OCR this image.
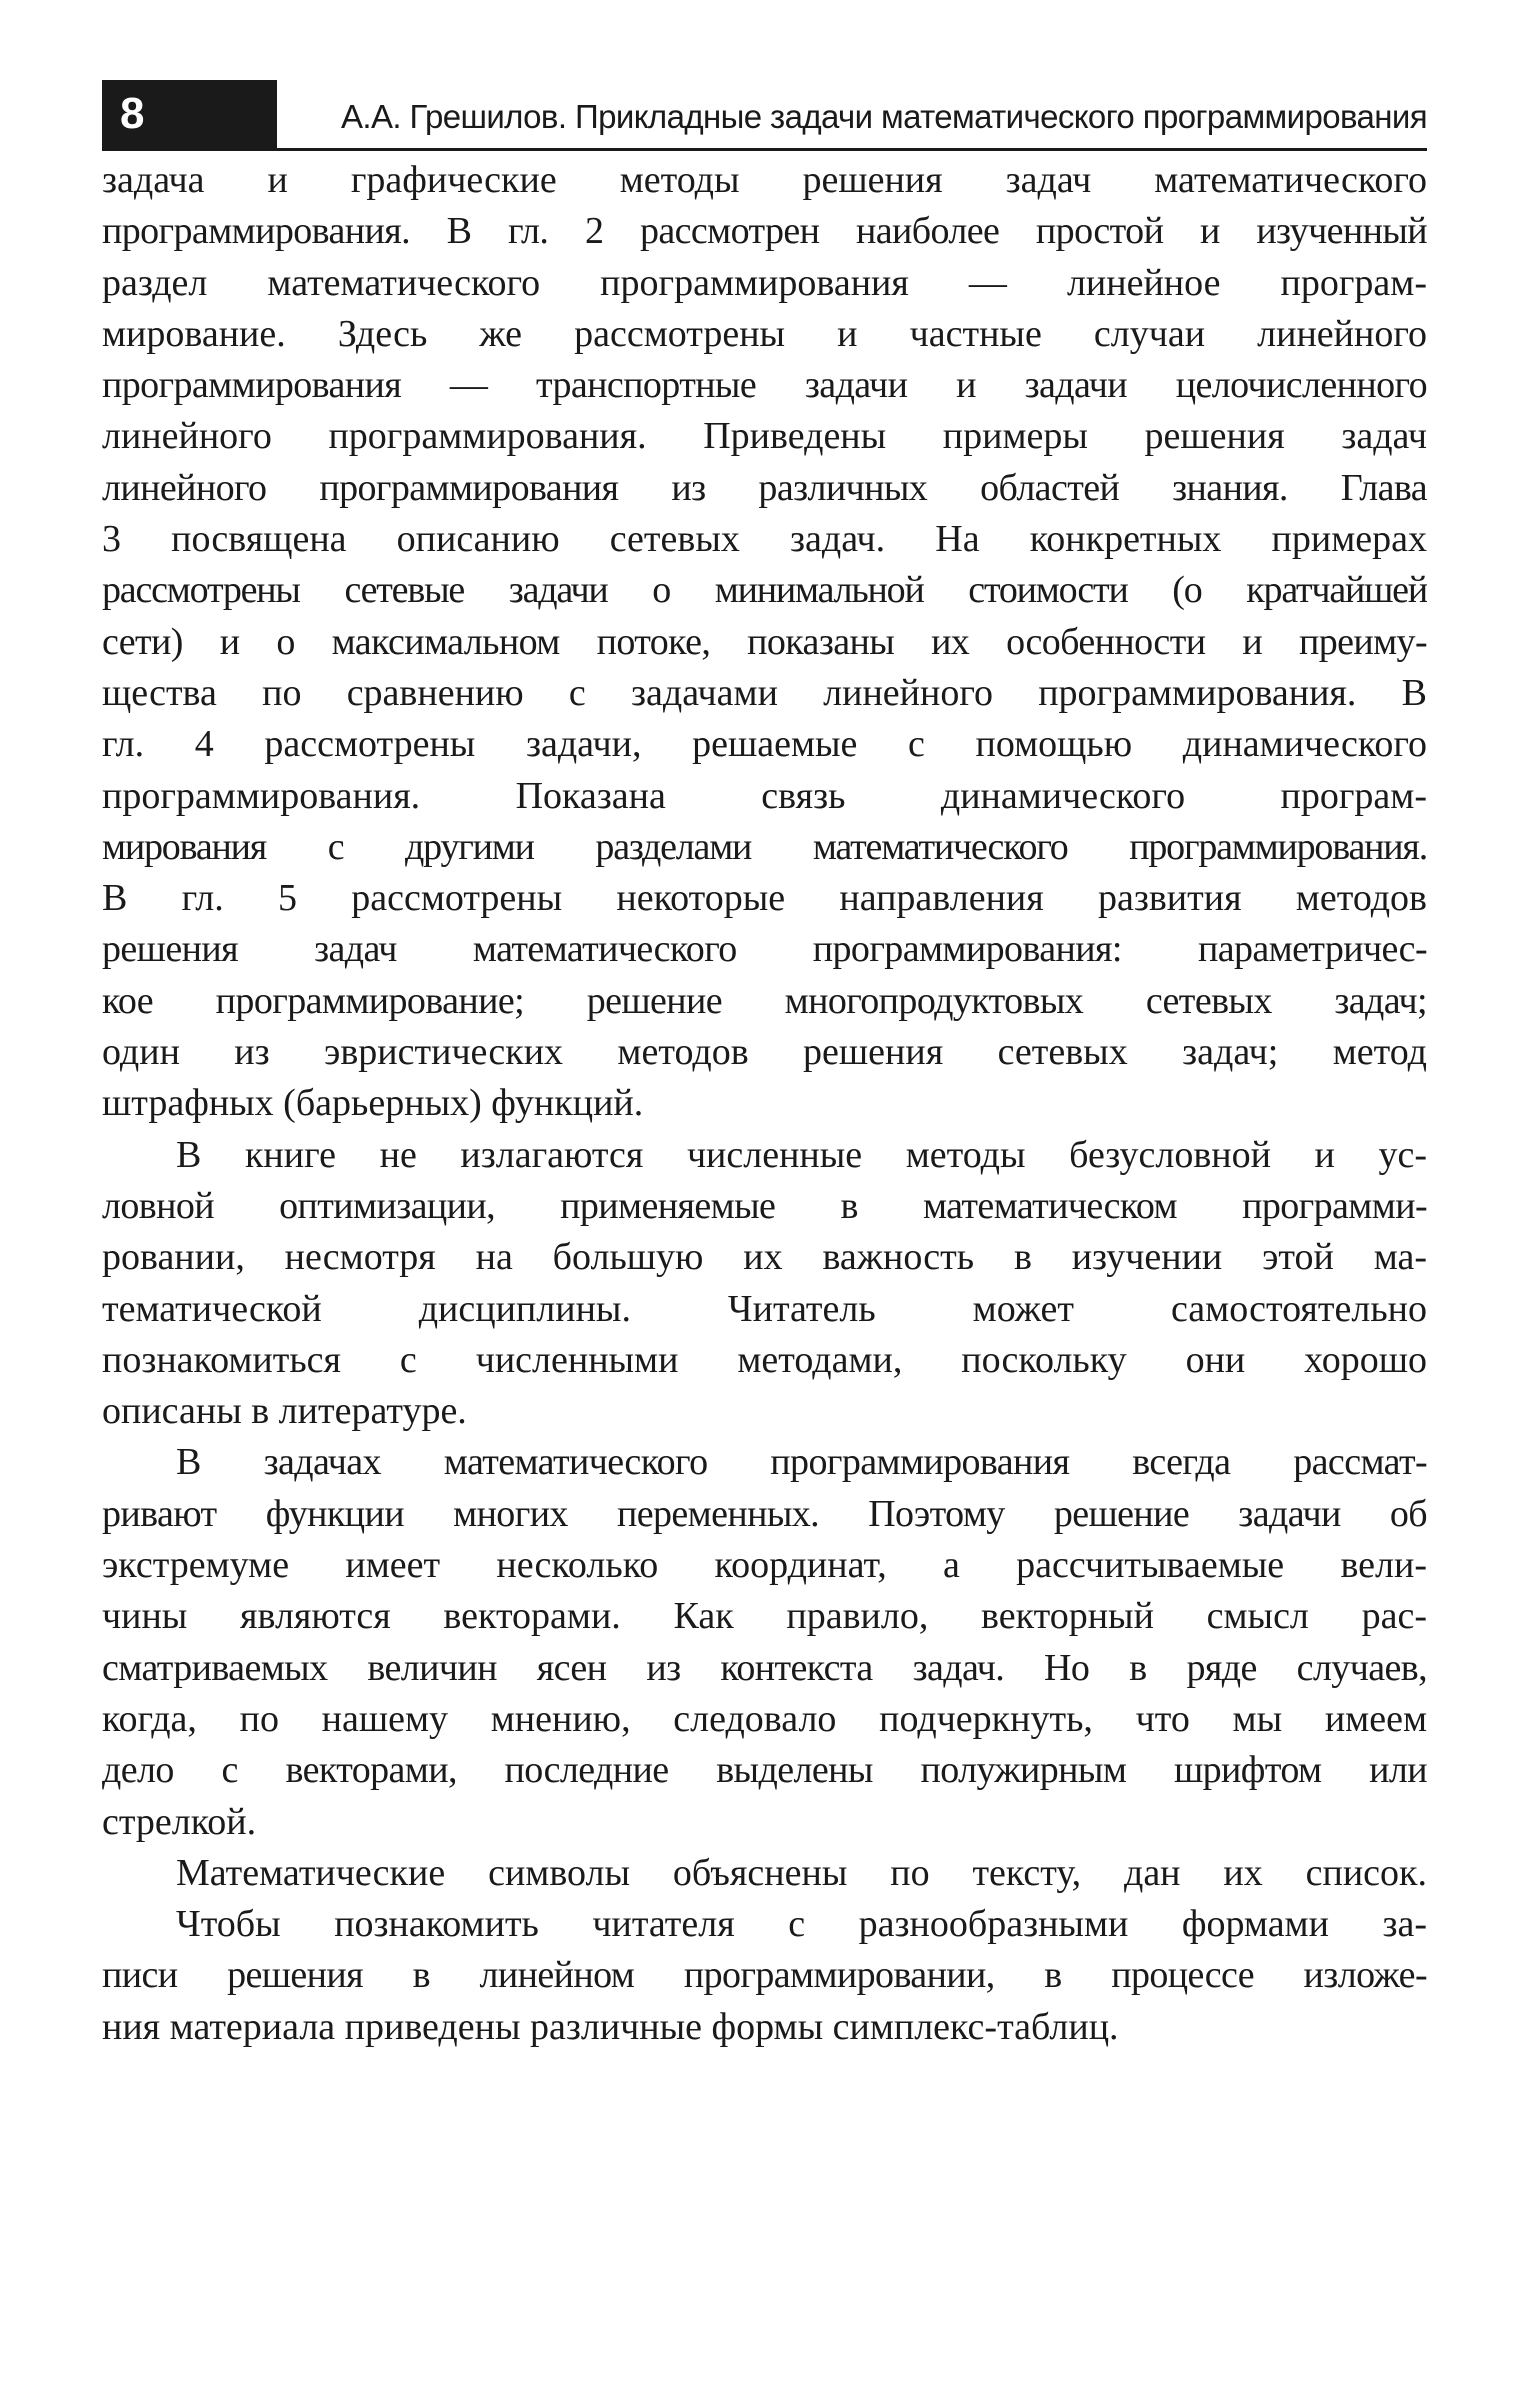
8	А.А. Грешилов. Прикладные задачи математического программирования
задача и графические методы решения задач математического
программирования. В гл. 2 рассмотрен наиболее простой и изученный
раздел математического программирования — линейное програм-
мирование. Здесь же рассмотрены и частные случаи линейного
программирования — транспортные задачи и задачи целочисленного
линейного программирования. Приведены примеры решения задач
линейного программирования из различных областей знания. Глава
3 посвящена описанию сетевых задач. На конкретных примерах
рассмотрены сетевые задачи о минимальной стоимости (о кратчайшей
сети) и о максимальном потоке, показаны их особенности и преиму-
щества по сравнению с задачами линейного программирования. В
гл. 4 рассмотрены задачи, решаемые с помощью динамического
программирования. Показана связь динамического програм-
мирования с другими разделами математического программирования.
В гл. 5 рассмотрены некоторые направления развития методов
решения задач математического программирования: параметричес-
кое программирование; решение многопродуктовых сетевых задач;
один из эвристических методов решения сетевых задач; метод
штрафных (барьерных) функций.
В книге не излагаются численные методы безусловной и ус-
ловной оптимизации, применяемые в математическом программи-
ровании, несмотря на большую их важность в изучении этой ма-
тематической дисциплины. Читатель может самостоятельно
познакомиться с численными методами, поскольку они хорошо
описаны в литературе.
В задачах математического программирования всегда рассмат-
ривают функции многих переменных. Поэтому решение задачи об
экстремуме имеет несколько координат, а рассчитываемые вели-
чины являются векторами. Как правило, векторный смысл рас-
сматриваемых величин ясен из контекста задач. Но в ряде случаев,
когда, по нашему мнению, следовало подчеркнуть, что мы имеем
дело с векторами, последние выделены полужирным шрифтом или
стрелкой.
Математические символы объяснены по тексту, дан их список.
Чтобы познакомить читателя с разнообразными формами за-
писи решения в линейном программировании, в процессе изложе-
ния материала приведены различные формы симплекс-таблиц.
